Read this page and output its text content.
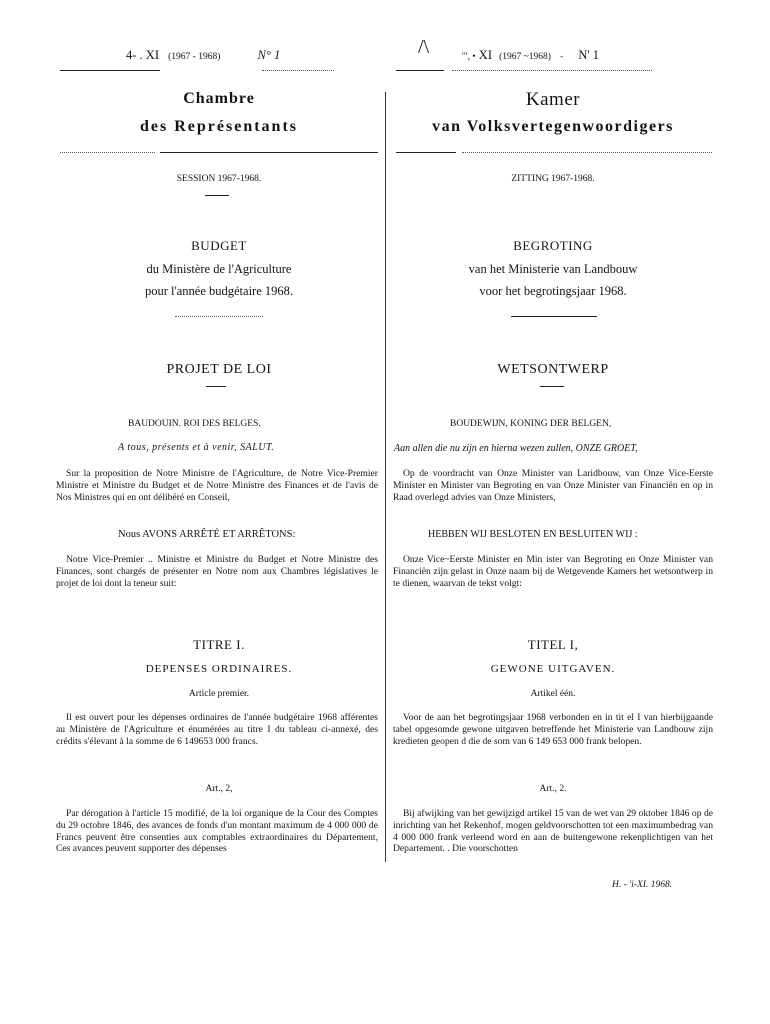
4- . XI (1967 - 1968)	N° 1
Chambre
des Représentants
SESSION 1967-1968.
BUDGET
du Ministère de l'Agriculture
pour l'année budgétaire 1968.
PROJET DE LOI
BAUDOUIN. ROI DES BELGES.
A tous, présents et à venir, SALUT.
Sur la proposition de Notre Ministre de l'Agriculture, de Notre Vice-Premier Ministre et Ministre du Budget et de Notre Ministre des Finances et de l'avis de Nos Ministres qui en ont délibéré en Conseil,
Nous AVONS ARRÊTÉ ET ARRÊTONS:
Notre Vice-Premier .. Ministre et Ministre du Budget et Notre Ministre des Finances, sont chargés de présenter en Notre nom aux Chambres législatives le projet de loi dont la teneur suit:
TITRE I.
DEPENSES ORDINAIRES.
Article premier.
Il est ouvert pour les dépenses ordinaires de l'année budgétaire 1968 afférentes au Ministère de l'Agriculture et énumérées au titre I du tableau ci-annexé, des crédits s'élevant à la somme de 6 149653 000 francs.
Art., 2,
Par dérogation à l'article 15 modifié, de la loi organique de la Cour des Comptes du 29 octobre 1846, des avances de fonds d'un montant maximum de 4 000 000 de Francs peuvent être consenties aux comptables extraordinaires du Département, Ces avances peuvent supporter des dépenses
/\	'", • XI (1967 ~1968) - N' 1
Kamer
van Volksvertegenwoordigers
ZITTING 1967-1968.
BEGROTING
van het Ministerie van Landbouw
voor het begrotingsjaar 1968.
WETSONTWERP
BOUDEWIJN, KONING DER BELGEN,
Aan allen die nu zijn en hierna wezen zullen, ONZE GROET,
Op de voordracht van Onze Minister van Laridbouw, van Onze Vice-Eerste Minister en Minister van Begroting en van Onze Minister van Financiën en op in Raad overlegd advies van Onze Ministers,
HEBBEN WIJ BESLOTEN EN BESLUITEN WIJ :
Onze Vice~Eerste Minister en Min ister van Begroting en Onze Minister van Financiën zijn gelast in Onze naam bij de Wetgevende Kamers het wetsontwerp in te dienen, waarvan de tekst volgt:
TITEL I,
GEWONE UITGAVEN.
Artikel één.
Voor de aan het begrotingsjaar 1968 verbonden en in tit el I van hierbijgaande tabel opgesomde gewone uitgaven betreffende het Ministerie van Landbouw zijn kredieten geopen d die de som van 6 149 653 000 frank belopen.
Art., 2.
Bij afwijking van het gewijzigd artikel 15 van de wet van 29 oktober 1846 op de inrichting van het Rekenhof, mogen geldvoorschotten tot een maximumbedrag van 4 000 000 frank verleend word en aan de buitengewone rekenplichtigen van het Departement. . Die voorschotten
H. - 'i-XI. 1968.
